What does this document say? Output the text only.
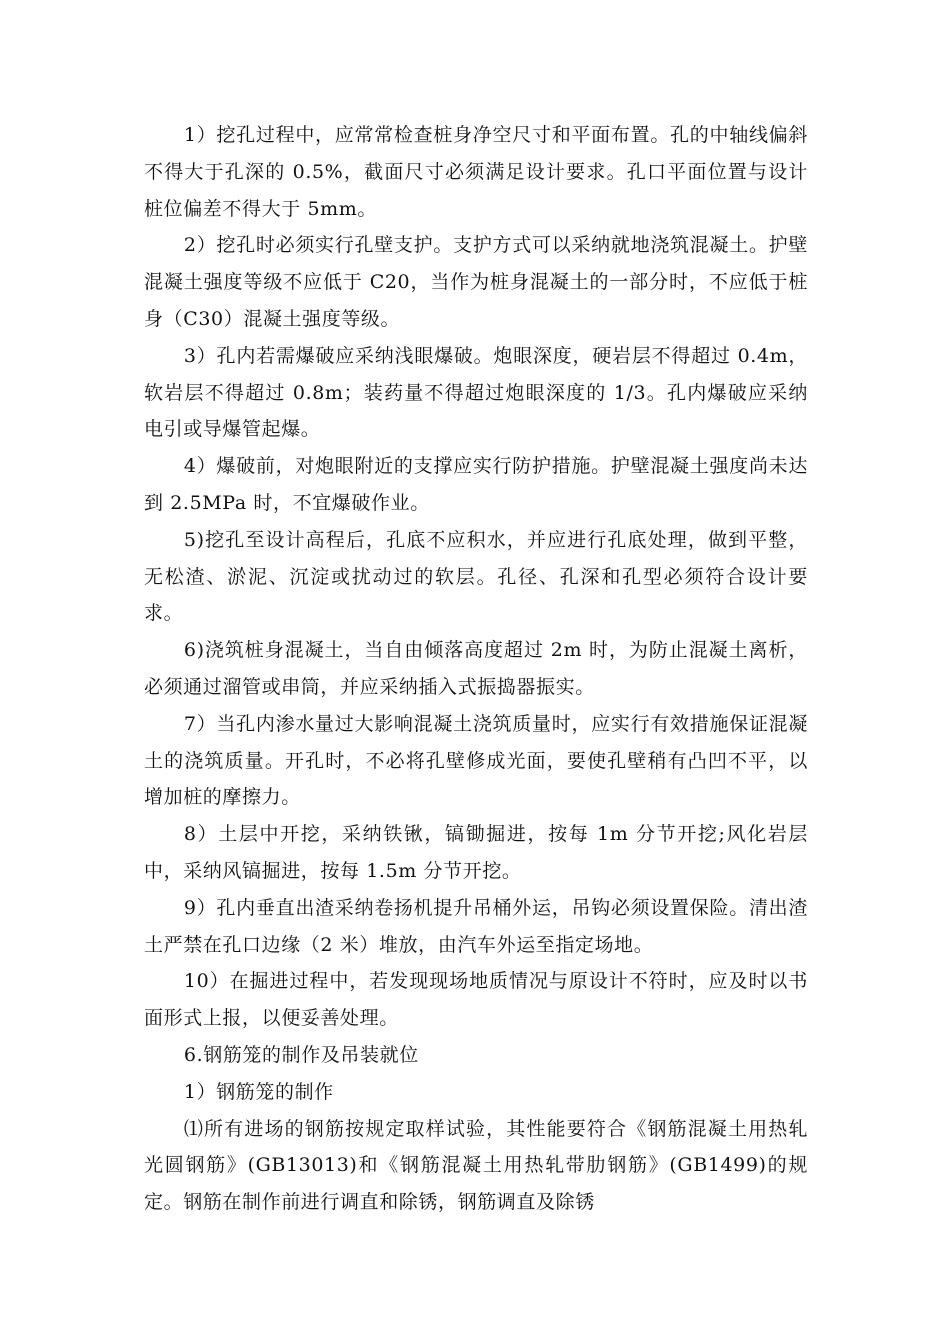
1）挖孔过程中，应常常检查桩身净空尺寸和平面布置。孔的中轴线偏斜不得大于孔深的 0.5%，截面尺寸必须满足设计要求。孔口平面位置与设计桩位偏差不得大于 5mm。

2）挖孔时必须实行孔壁支护。支护方式可以采纳就地浇筑混凝土。护壁混凝土强度等级不应低于 C20，当作为桩身混凝土的一部分时，不应低于桩身（C30）混凝土强度等级。

3）孔内若需爆破应采纳浅眼爆破。炮眼深度，硬岩层不得超过 0.4m，软岩层不得超过 0.8m；装药量不得超过炮眼深度的 1/3。孔内爆破应采纳电引或导爆管起爆。

4）爆破前，对炮眼附近的支撑应实行防护措施。护壁混凝土强度尚未达到 2.5MPa 时，不宜爆破作业。

5)挖孔至设计高程后，孔底不应积水，并应进行孔底处理，做到平整，无松渣、淤泥、沉淀或扰动过的软层。孔径、孔深和孔型必须符合设计要求。

6)浇筑桩身混凝土，当自由倾落高度超过 2m 时，为防止混凝土离析，必须通过溜管或串筒，并应采纳插入式振捣器振实。

7）当孔内渗水量过大影响混凝土浇筑质量时，应实行有效措施保证混凝土的浇筑质量。开孔时，不必将孔壁修成光面，要使孔壁稍有凸凹不平，以增加桩的摩擦力。

8）土层中开挖，采纳铁锹，镐锄掘进，按每 1m 分节开挖;风化岩层中，采纳风镐掘进，按每 1.5m 分节开挖。

9）孔内垂直出渣采纳卷扬机提升吊桶外运，吊钩必须设置保险。清出渣土严禁在孔口边缘（2 米）堆放，由汽车外运至指定场地。

10）在掘进过程中，若发现现场地质情况与原设计不符时，应及时以书面形式上报，以便妥善处理。

6.钢筋笼的制作及吊装就位

1）钢筋笼的制作

⑴所有进场的钢筋按规定取样试验，其性能要符合《钢筋混凝土用热轧光圆钢筋》(GB13013)和《钢筋混凝土用热轧带肋钢筋》(GB1499)的规定。钢筋在制作前进行调直和除锈，钢筋调直及除锈
